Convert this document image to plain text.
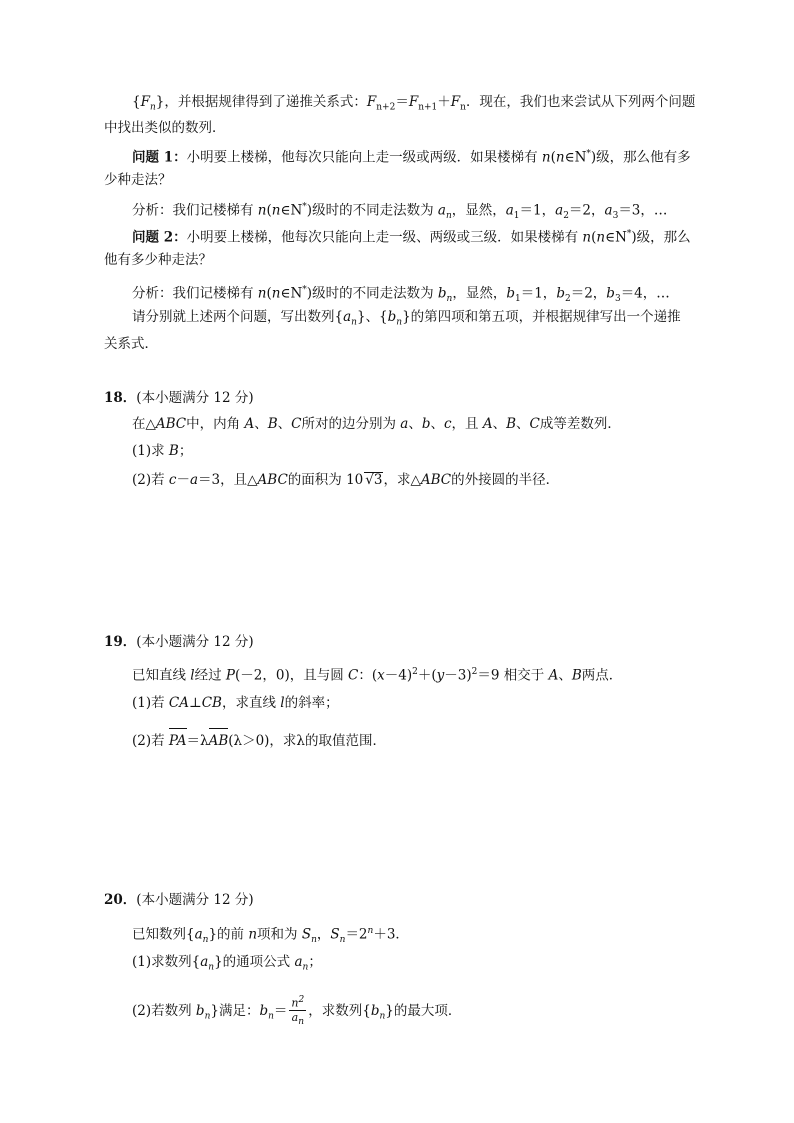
$\{F_n\}$，并根据规律得到了递推关系式：$F_{n+2}=F_{n+1}+F_n$．现在，我们也来尝试从下列两个问题
中找出类似的数列．
问题 1：小明要上楼梯，他每次只能向上走一级或两级．如果楼梯有 n(n∈N*)级，那么他有多
少种走法？
分析：我们记楼梯有 n(n∈N*)级时的不同走法数为 $a_n$，显然，$a_1=1$，$a_2=2$，$a_3=3$，…
问题 2：小明要上楼梯，他每次只能向上走一级、两级或三级．如果楼梯有 n(n∈N*)级，那么
他有多少种走法？
分析：我们记楼梯有 n(n∈N*)级时的不同走法数为 $b_n$，显然，$b_1=1$，$b_2=2$，$b_3=4$，…
请分别就上述两个问题，写出数列$\{a_n\}$、$\{b_n\}$的第四项和第五项，并根据规律写出一个递推
关系式．
18．(本小题满分 12 分)
在△ABC中，内角 A、B、C所对的边分别为 a、b、c，且 A、B、C成等差数列．
(1)求 B；
(2)若 c－a＝3，且△ABC的面积为 10 √3，求△ABC的外接圆的半径．
19．(本小题满分 12 分)
已知直线 l经过 P(－2，0)，且与圆 C：$(x-4)^2+(y-3)^2=9$ 相交于 A、B两点．
(1)若 CA⊥CB，求直线 l的斜率；
(2)若 PA＝λAB(λ＞0)，求λ的取值范围．
20．(本小题满分 12 分)
已知数列$\{a_n\}$的前 n项和为 $S_n$，$S_n=2^n+3$．
(1)求数列$\{a_n\}$的通项公式 $a_n$；
(2)若数列 $b_n$}满足：$b_n= \frac{n^2}{a_n}$ ，求数列$\{b_n\}$的最大项．
